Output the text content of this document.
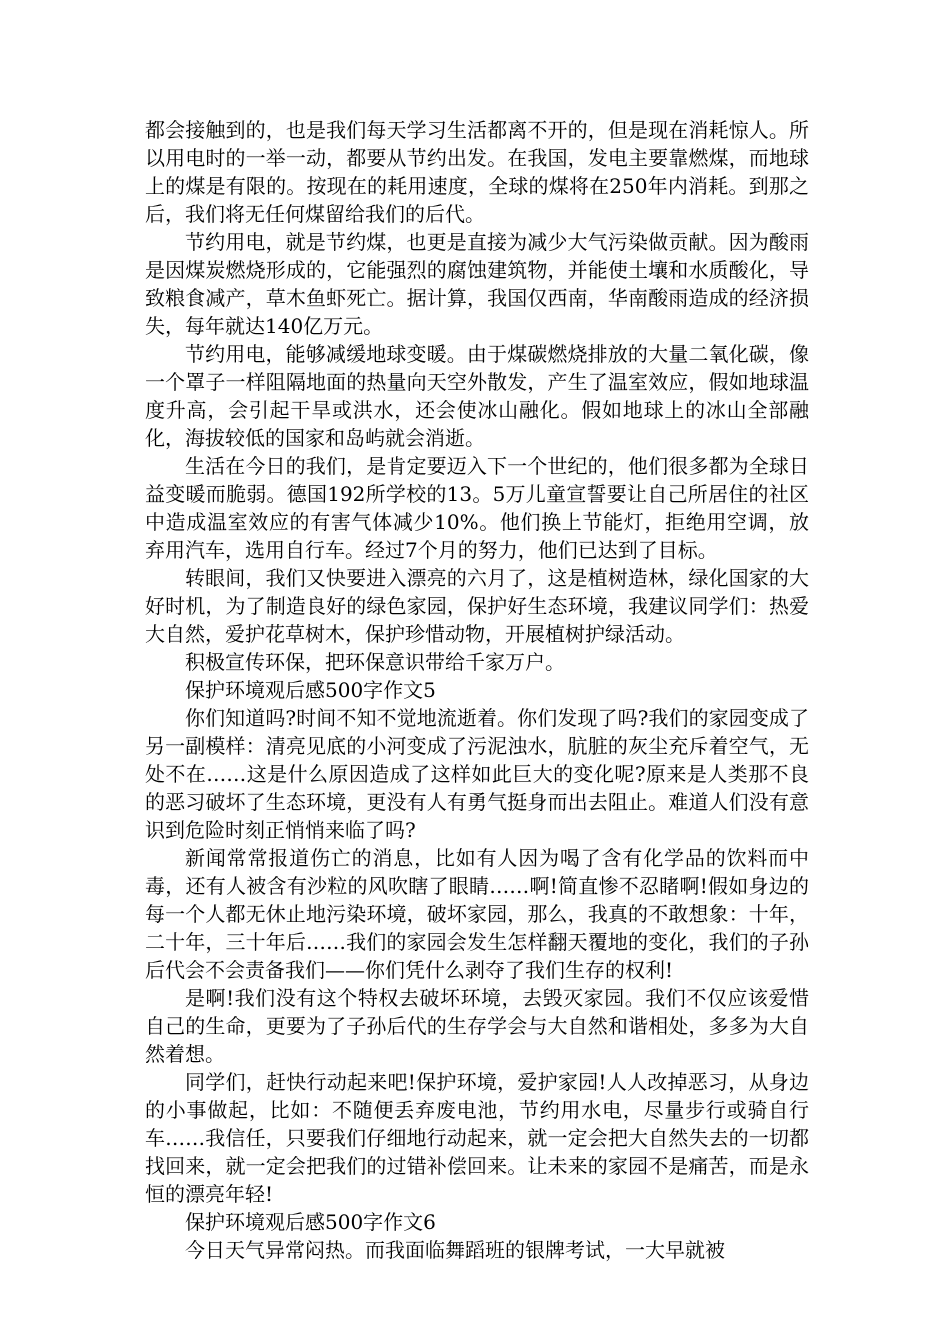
都会接触到的，也是我们每天学习生活都离不开的，但是现在消耗惊人。所以用电时的一举一动，都要从节约出发。在我国，发电主要靠燃煤，而地球上的煤是有限的。按现在的耗用速度，全球的煤将在250年内消耗。到那之后，我们将无任何煤留给我们的后代。

节约用电，就是节约煤，也更是直接为减少大气污染做贡献。因为酸雨是因煤炭燃烧形成的，它能强烈的腐蚀建筑物，并能使土壤和水质酸化，导致粮食减产，草木鱼虾死亡。据计算，我国仅西南，华南酸雨造成的经济损失，每年就达140亿万元。

节约用电，能够减缓地球变暖。由于煤碳燃烧排放的大量二氧化碳，像一个罩子一样阻隔地面的热量向天空外散发，产生了温室效应，假如地球温度升高，会引起干旱或洪水，还会使冰山融化。假如地球上的冰山全部融化，海拔较低的国家和岛屿就会消逝。

生活在今日的我们，是肯定要迈入下一个世纪的，他们很多都为全球日益变暖而脆弱。德国192所学校的13。5万儿童宣誓要让自己所居住的社区中造成温室效应的有害气体减少10%。他们换上节能灯，拒绝用空调，放弃用汽车，选用自行车。经过7个月的努力，他们已达到了目标。

转眼间，我们又快要进入漂亮的六月了，这是植树造林，绿化国家的大好时机，为了制造良好的绿色家园，保护好生态环境，我建议同学们：热爱大自然，爱护花草树木，保护珍惜动物，开展植树护绿活动。

积极宣传环保，把环保意识带给千家万户。

保护环境观后感500字作文5

你们知道吗?时间不知不觉地流逝着。你们发现了吗?我们的家园变成了另一副模样：清亮见底的小河变成了污泥浊水，肮脏的灰尘充斥着空气，无处不在……这是什么原因造成了这样如此巨大的变化呢?原来是人类那不良的恶习破坏了生态环境，更没有人有勇气挺身而出去阻止。难道人们没有意识到危险时刻正悄悄来临了吗?

新闻常常报道伤亡的消息，比如有人因为喝了含有化学品的饮料而中毒，还有人被含有沙粒的风吹瞎了眼睛……啊!简直惨不忍睹啊!假如身边的每一个人都无休止地污染环境，破坏家园，那么，我真的不敢想象：十年，二十年，三十年后……我们的家园会发生怎样翻天覆地的变化，我们的子孙后代会不会责备我们——你们凭什么剥夺了我们生存的权利!

是啊!我们没有这个特权去破坏环境，去毁灭家园。我们不仅应该爱惜自己的生命，更要为了子孙后代的生存学会与大自然和谐相处，多多为大自然着想。

同学们，赶快行动起来吧!保护环境，爱护家园!人人改掉恶习，从身边的小事做起，比如：不随便丢弃废电池，节约用水电，尽量步行或骑自行车……我信任，只要我们仔细地行动起来，就一定会把大自然失去的一切都找回来，就一定会把我们的过错补偿回来。让未来的家园不是痛苦，而是永恒的漂亮年轻!

保护环境观后感500字作文6

今日天气异常闷热。而我面临舞蹈班的银牌考试，一大早就被
